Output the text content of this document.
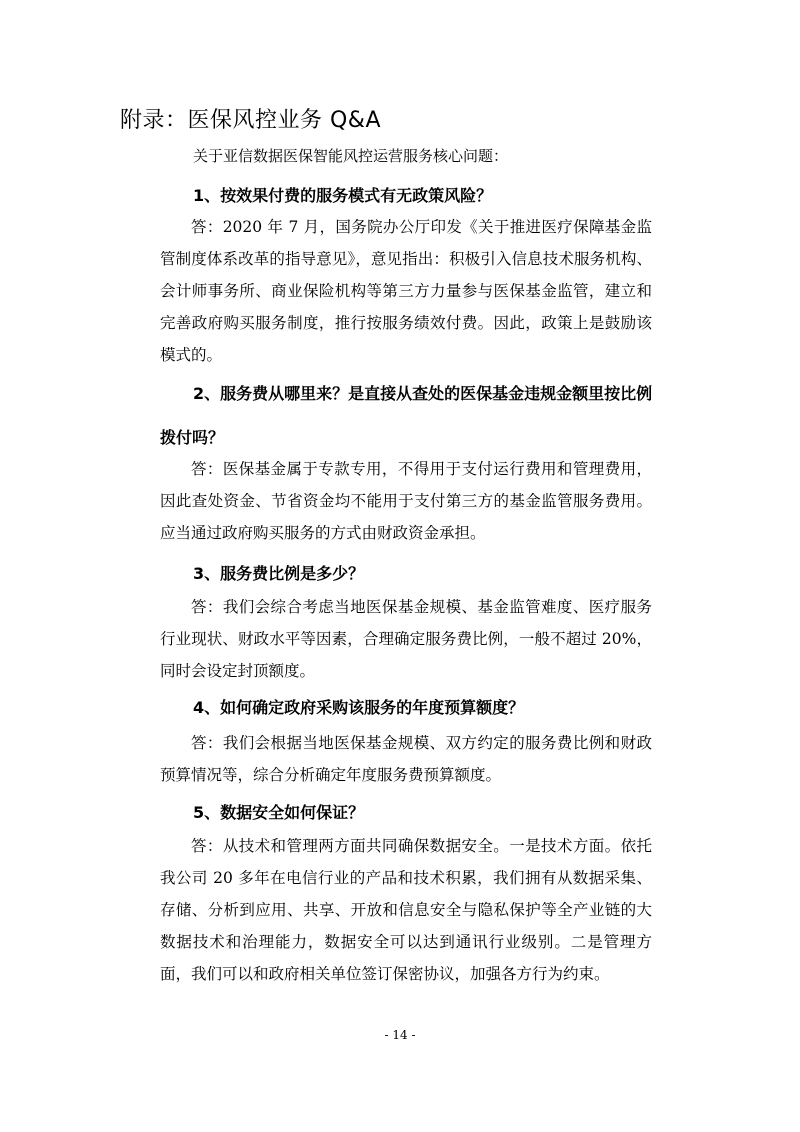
附录：医保风控业务 Q&A
关于亚信数据医保智能风控运营服务核心问题：
1、按效果付费的服务模式有无政策风险？
答：2020 年 7 月，国务院办公厅印发《关于推进医疗保障基金监管制度体系改革的指导意见》，意见指出：积极引入信息技术服务机构、会计师事务所、商业保险机构等第三方力量参与医保基金监管，建立和完善政府购买服务制度，推行按服务绩效付费。因此，政策上是鼓励该模式的。
2、服务费从哪里来？是直接从查处的医保基金违规金额里按比例
拨付吗？
答：医保基金属于专款专用，不得用于支付运行费用和管理费用，因此查处资金、节省资金均不能用于支付第三方的基金监管服务费用。应当通过政府购买服务的方式由财政资金承担。
3、服务费比例是多少？
答：我们会综合考虑当地医保基金规模、基金监管难度、医疗服务行业现状、财政水平等因素，合理确定服务费比例，一般不超过 20%，同时会设定封顶额度。
4、如何确定政府采购该服务的年度预算额度？
答：我们会根据当地医保基金规模、双方约定的服务费比例和财政预算情况等，综合分析确定年度服务费预算额度。
5、数据安全如何保证？
答：从技术和管理两方面共同确保数据安全。一是技术方面。依托我公司 20 多年在电信行业的产品和技术积累，我们拥有从数据采集、存储、分析到应用、共享、开放和信息安全与隐私保护等全产业链的大数据技术和治理能力，数据安全可以达到通讯行业级别。二是管理方面，我们可以和政府相关单位签订保密协议，加强各方行为约束。
- 14 -
